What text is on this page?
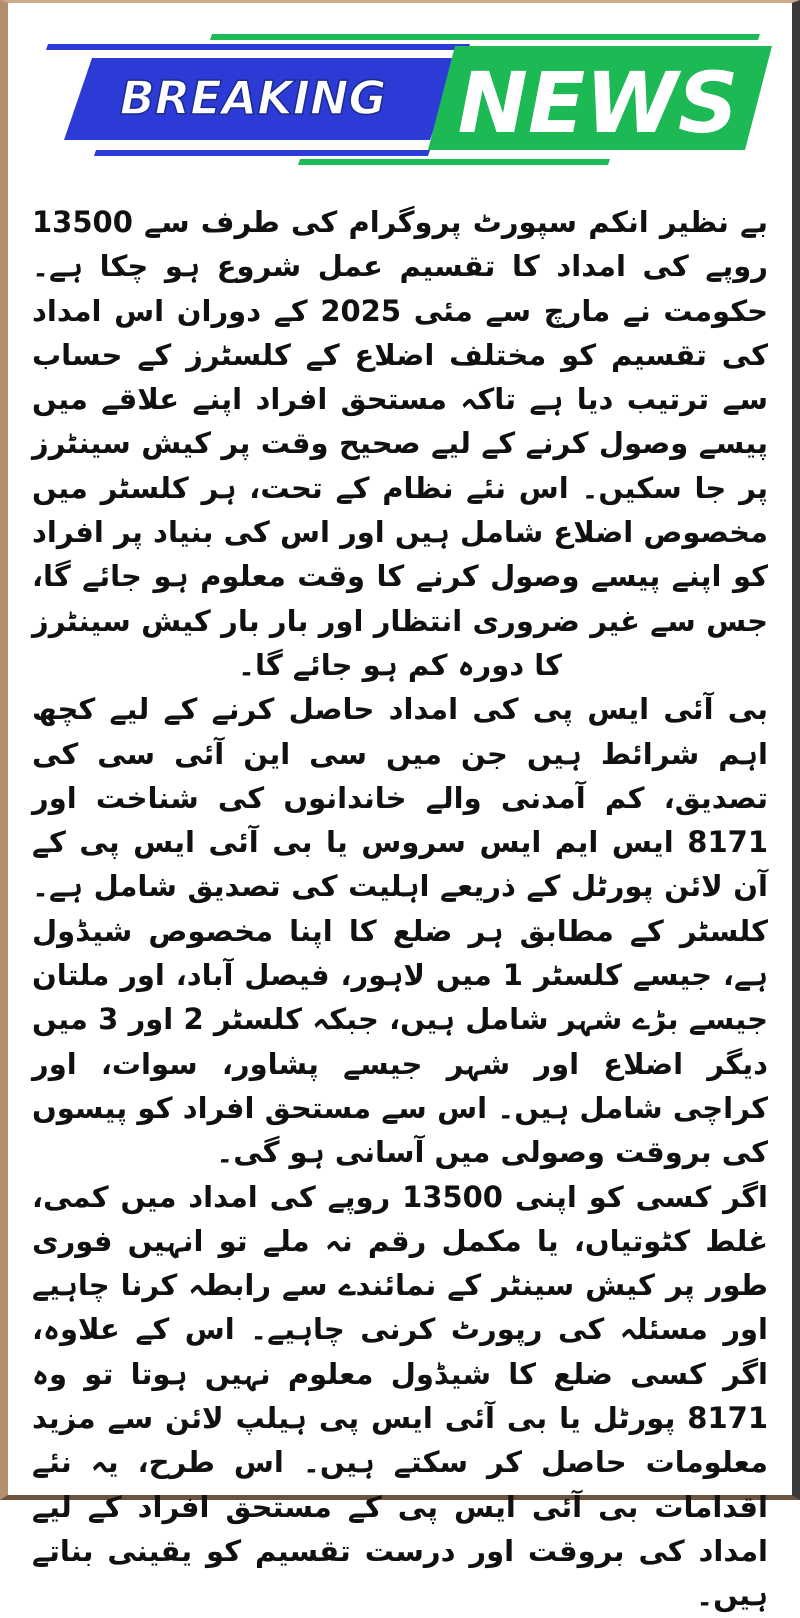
BREAKING NEWS

بے نظیر انکم سپورٹ پروگرام کی طرف سے 13500 روپے کی امداد کا تقسیم عمل شروع ہو چکا ہے۔ حکومت نے مارچ سے مئی 2025 کے دوران اس امداد کی تقسیم کو مختلف اضلاع کے کلسٹرز کے حساب سے ترتیب دیا ہے تاکہ مستحق افراد اپنے علاقے میں پیسے وصول کرنے کے لیے صحیح وقت پر کیش سینٹرز پر جا سکیں۔ اس نئے نظام کے تحت، ہر کلسٹر میں مخصوص اضلاع شامل ہیں اور اس کی بنیاد پر افراد کو اپنے پیسے وصول کرنے کا وقت معلوم ہو جائے گا، جس سے غیر ضروری انتظار اور بار بار کیش سینٹرز کا دورہ کم ہو جائے گا۔

بی آئی ایس پی کی امداد حاصل کرنے کے لیے کچھ اہم شرائط ہیں جن میں سی این آئی سی کی تصدیق، کم آمدنی والے خاندانوں کی شناخت اور 8171 ایس ایم ایس سروس یا بی آئی ایس پی کے آن لائن پورٹل کے ذریعے اہلیت کی تصدیق شامل ہے۔ کلسٹر کے مطابق ہر ضلع کا اپنا مخصوص شیڈول ہے، جیسے کلسٹر 1 میں لاہور، فیصل آباد، اور ملتان جیسے بڑے شہر شامل ہیں، جبکہ کلسٹر 2 اور 3 میں دیگر اضلاع اور شہر جیسے پشاور، سوات، اور کراچی شامل ہیں۔ اس سے مستحق افراد کو پیسوں کی بروقت وصولی میں آسانی ہو گی۔

اگر کسی کو اپنی 13500 روپے کی امداد میں کمی، غلط کٹوتیاں، یا مکمل رقم نہ ملے تو انہیں فوری طور پر کیش سینٹر کے نمائندے سے رابطہ کرنا چاہیے اور مسئلہ کی رپورٹ کرنی چاہیے۔ اس کے علاوہ، اگر کسی ضلع کا شیڈول معلوم نہیں ہوتا تو وہ 8171 پورٹل یا بی آئی ایس پی ہیلپ لائن سے مزید معلومات حاصل کر سکتے ہیں۔ اس طرح، یہ نئے اقدامات بی آئی ایس پی کے مستحق افراد کے لیے امداد کی بروقت اور درست تقسیم کو یقینی بناتے ہیں۔
